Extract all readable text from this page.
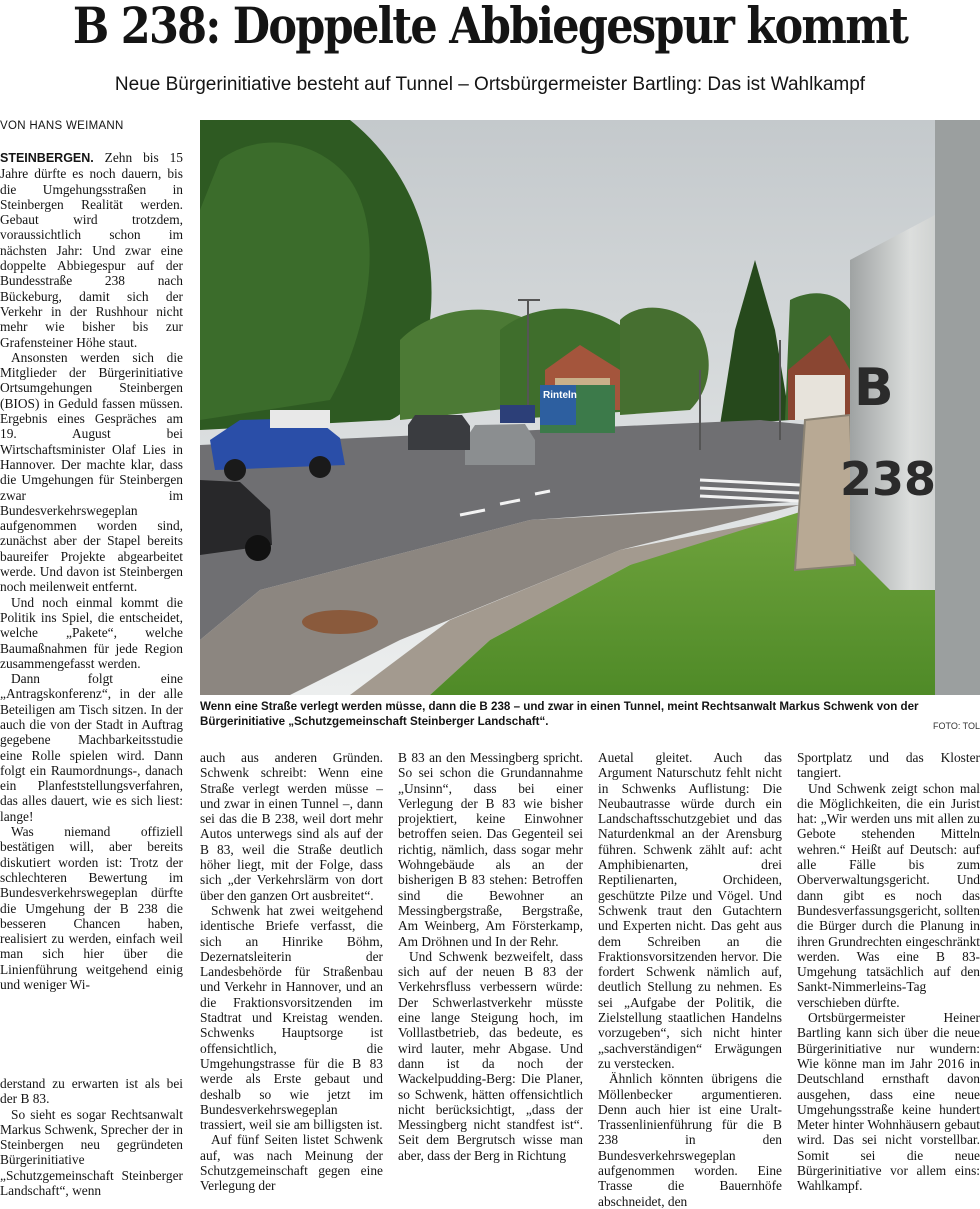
B 238: Doppelte Abbiegespur kommt
Neue Bürgerinitiative besteht auf Tunnel – Ortsbürgermeister Bartling: Das ist Wahlkampf
VON HANS WEIMANN

STEINBERGEN. Zehn bis 15 Jahre dürfte es noch dauern, bis die Umgehungsstraßen in Steinbergen Realität werden. Gebaut wird trotzdem, voraussichtlich schon im nächsten Jahr: Und zwar eine doppelte Abbiegespur auf der Bundesstraße 238 nach Bückeburg, damit sich der Verkehr in der Rushhour nicht mehr wie bisher bis zur Grafensteiner Höhe staut.

Ansonsten werden sich die Mitglieder der Bürgerinitiative Ortsumgehungen Steinbergen (BIOS) in Geduld fassen müssen. Ergebnis eines Gespräches am 19. August bei Wirtschaftsminister Olaf Lies in Hannover. Der machte klar, dass die Umgehungen für Steinbergen zwar im Bundesverkehrswegeplan aufgenommen worden sind, zunächst aber der Stapel bereits baureifer Projekte abgearbeitet werde. Und davon ist Steinbergen noch meilenweit entfernt.

Und noch einmal kommt die Politik ins Spiel, die entscheidet, welche „Pakete“, welche Baumaßnahmen für jede Region zusammengefasst werden.

Dann folgt eine „Antragskonferenz“, in der alle Beteiligen am Tisch sitzen. In der auch die von der Stadt in Auftrag gegebene Machbarkeitsstudie eine Rolle spielen wird. Dann folgt ein Raumordnungs-, danach ein Planfeststellungsverfahren, das alles dauert, wie es sich liest: lange!

Was niemand offiziell bestätigen will, aber bereits diskutiert worden ist: Trotz der schlechteren Bewertung im Bundesverkehrswegeplan dürfte die Umgehung der B 238 die besseren Chancen haben, realisiert zu werden, einfach weil man sich hier über die Linienführung weitgehend einig und weniger Wi-

derstand zu erwarten ist als bei der B 83.

So sieht es sogar Rechtsanwalt Markus Schwenk, Sprecher der in Steinbergen neu gegründeten Bürgerinitiative „Schutzgemeinschaft Steinberger Landschaft“, wenn

Rinteln	B
238
Wenn eine Straße verlegt werden müsse, dann die B 238 – und zwar in einen Tunnel, meint Rechtsanwalt Markus Schwenk von der Bürgerinitiative „Schutzgemeinschaft Steinberger Landschaft“.	FOTO: TOL

auch aus anderen Gründen. Schwenk schreibt: Wenn eine Straße verlegt werden müsse – und zwar in einen Tunnel –, dann sei das die B 238, weil dort mehr Autos unterwegs sind als auf der B 83, weil die Straße deutlich höher liegt, mit der Folge, dass sich „der Verkehrslärm von dort über den ganzen Ort ausbreitet“.

Schwenk hat zwei weitgehend identische Briefe verfasst, die sich an Hinrike Böhm, Dezernatsleiterin der Landesbehörde für Straßenbau und Verkehr in Hannover, und an die Fraktionsvorsitzenden im Stadtrat und Kreistag wenden. Schwenks Hauptsorge ist offensichtlich, die Umgehungstrasse für die B 83 werde als Erste gebaut und deshalb so wie jetzt im Bundesverkehrswegeplan trassiert, weil sie am billigsten ist.

Auf fünf Seiten listet Schwenk auf, was nach Meinung der Schutzgemeinschaft gegen eine Verlegung der

B 83 an den Messingberg spricht. So sei schon die Grundannahme „Unsinn“, dass bei einer Verlegung der B 83 wie bisher projektiert, keine Einwohner betroffen seien. Das Gegenteil sei richtig, nämlich, dass sogar mehr Wohngebäude als an der bisherigen B 83 stehen: Betroffen sind die Bewohner an Messingbergstraße, Bergstraße, Am Weinberg, Am Försterkamp, Am Dröhnen und In der Rehr.

Und Schwenk bezweifelt, dass sich auf der neuen B 83 der Verkehrsfluss verbessern würde: Der Schwerlastverkehr müsste eine lange Steigung hoch, im Volllastbetrieb, das bedeute, es wird lauter, mehr Abgase. Und dann ist da noch der Wackelpudding-Berg: Die Planer, so Schwenk, hätten offensichtlich nicht berücksichtigt, „dass der Messingberg nicht standfest ist“. Seit dem Bergrutsch wisse man aber, dass der Berg in Richtung

Auetal gleitet. Auch das Argument Naturschutz fehlt nicht in Schwenks Auflistung: Die Neubautrasse würde durch ein Landschaftsschutzgebiet und das Naturdenkmal an der Arensburg führen. Schwenk zählt auf: acht Amphibienarten, drei Reptilienarten, Orchideen, geschützte Pilze und Vögel. Und Schwenk traut den Gutachtern und Experten nicht. Das geht aus dem Schreiben an die Fraktionsvorsitzenden hervor. Die fordert Schwenk nämlich auf, deutlich Stellung zu nehmen. Es sei „Aufgabe der Politik, die Zielstellung staatlichen Handelns vorzugeben“, sich nicht hinter „sachverständigen“ Erwägungen zu verstecken.

Ähnlich könnten übrigens die Möllenbecker argumentieren. Denn auch hier ist eine Uralt-Trassenlinienführung für die B 238 in den Bundesverkehrswegeplan aufgenommen worden. Eine Trasse die Bauernhöfe abschneidet, den

Sportplatz und das Kloster tangiert.

Und Schwenk zeigt schon mal die Möglichkeiten, die ein Jurist hat: „Wir werden uns mit allen zu Gebote stehenden Mitteln wehren.“ Heißt auf Deutsch: auf alle Fälle bis zum Oberverwaltungsgericht. Und dann gibt es noch das Bundesverfassungsgericht, sollten die Bürger durch die Planung in ihren Grundrechten eingeschränkt werden. Was eine B 83-Umgehung tatsächlich auf den Sankt-Nimmerleins-Tag verschieben dürfte.

Ortsbürgermeister Heiner Bartling kann sich über die neue Bürgerinitiative nur wundern: Wie könne man im Jahr 2016 in Deutschland ernsthaft davon ausgehen, dass eine neue Umgehungsstraße keine hundert Meter hinter Wohnhäusern gebaut wird. Das sei nicht vorstellbar. Somit sei die neue Bürgerinitiative vor allem eins: Wahlkampf.
